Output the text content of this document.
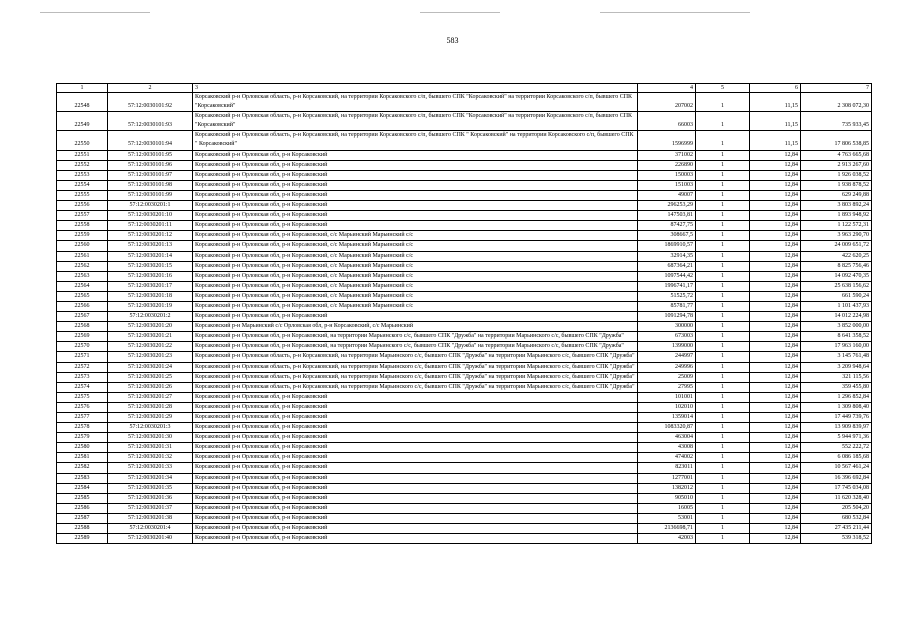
583
1	2	3	4	5	6	7
22548	57:12:0030101:92	Корсаковский р-н Орловская область, р-н Корсаковский, на территории Корсаковского с/п, бывшего СПК "Корсаковский" на территории Корсаковского с/п, бывшего СПК "Корсаковский"	207002	1	11,15	2 308 072,30
22549	57:12:0030101:93	Корсаковский р-н Орловская область, р-н Корсаковский, на территории Корсаковского с/п, бывшего СПК "Корсаковский" на территории Корсаковского с/п, бывшего СПК "Корсаковский"	66003	1	11,15	735 933,45
22550	57:12:0030101:94	Корсаковский р-н Орловская область, р-н Корсаковский, на территории Корсаковского с/п, бывшего СПК " Корсаковский" на территории Корсаковского с/п, бывшего СПК " Корсаковский"	1596999	1	11,15	17 806 538,85
22551	57:12:0030101:95	Корсаковский р-н Орловская обл, р-н Корсаковский	371002	1	12,84	4 763 665,68
22552	57:12:0030101:96	Корсаковский р-н Орловская обл, р-н Корсаковский	226890	1	12,84	2 913 267,60
22553	57:12:0030101:97	Корсаковский р-н Орловская обл, р-н Корсаковский	150003	1	12,84	1 926 038,52
22554	57:12:0030101:98	Корсаковский р-н Орловская обл, р-н Корсаковский	151003	1	12,84	1 938 878,52
22555	57:12:0030101:99	Корсаковский р-н Орловская обл, р-н Корсаковский	49007	1	12,84	629 249,88
22556	57:12:0030201:1	Корсаковский р-н Орловская обл, р-н Корсаковский	296253,29	1	12,84	3 803 892,24
22557	57:12:0030201:10	Корсаковский р-н Орловская обл, р-н Корсаковский	147503,81	1	12,84	1 893 948,92
22558	57:12:0030201:11	Корсаковский р-н Орловская обл, р-н Корсаковский	87427,75	1	12,84	1 122 572,31
22559	57:12:0030201:12	Корсаковский р-н Орловская обл, р-н Корсаковский, с/с Марьинский Марьинский с/с	308667,5	1	12,84	3 963 290,70
22560	57:12:0030201:13	Корсаковский р-н Орловская обл, р-н Корсаковский, с/с Марьинский Марьинский с/с	1869910,57	1	12,84	24 009 651,72
22561	57:12:0030201:14	Корсаковский р-н Орловская обл, р-н Корсаковский, с/с Марьинский Марьинский с/с	32914,35	1	12,84	422 620,25
22562	57:12:0030201:15	Корсаковский р-н Орловская обл, р-н Корсаковский, с/с Марьинский Марьинский с/с	687364,21	1	12,84	8 825 756,46
22563	57:12:0030201:16	Корсаковский р-н Орловская обл, р-н Корсаковский, с/с Марьинский Марьинский с/с	1097544,42	1	12,84	14 092 470,35
22564	57:12:0030201:17	Корсаковский р-н Орловская обл, р-н Корсаковский, с/с Марьинский Марьинский с/с	1996741,17	1	12,84	25 638 156,62
22565	57:12:0030201:18	Корсаковский р-н Орловская обл, р-н Корсаковский, с/с Марьинский Марьинский с/с	51525,72	1	12,84	661 590,24
22566	57:12:0030201:19	Корсаковский р-н Орловская обл, р-н Корсаковский, с/с Марьинский Марьинский с/с	85781,77	1	12,84	1 101 437,93
22567	57:12:0030201:2	Корсаковский р-н Орловская обл, р-н Корсаковский	1091294,78	1	12,84	14 012 224,98
22568	57:12:0030201:20	Корсаковский р-н Марьинский с/с Орловская обл, р-н Корсаковский, с/с Марьинский	300000	1	12,84	3 852 000,00
22569	57:12:0030201:21	Корсаковский р-н Орловская обл, р-н Корсаковский, на территории Марьинского с/с, бывшего СПК "Дружба" на территории Марьинского с/с, бывшего СПК "Дружба"	673003	1	12,84	8 641 358,52
22570	57:12:0030201:22	Корсаковский р-н Орловская обл, р-н Корсаковский, на территории Марьинского с/с, бывшего СПК "Дружба" на территории Марьинского с/с, бывшего СПК "Дружба"	1399000	1	12,84	17 963 160,00
22571	57:12:0030201:23	Корсаковский р-н Орловская область, р-н Корсаковский, на территории Марьинского с/с, бывшего СПК "Дружба" на территории Марьинского с/с, бывшего СПК "Дружба"	244997	1	12,84	3 145 761,48
22572	57:12:0030201:24	Корсаковский р-н Орловская область, р-н Корсаковский, на территории Марьинского с/с, бывшего СПК "Дружба" на территории Марьинского с/с, бывшего СПК "Дружба"	249996	1	12,84	3 209 948,64
22573	57:12:0030201:25	Корсаковский р-н Орловская область, р-н Корсаковский, на территории Марьинского с/с, бывшего СПК "Дружба" на территории Марьинского с/с, бывшего СПК "Дружба"	25009	1	12,84	321 115,56
22574	57:12:0030201:26	Корсаковский р-н Орловская область, р-н Корсаковский, на территории Марьинского с/с, бывшего СПК "Дружба" на территории Марьинского с/с, бывшего СПК "Дружба"	27995	1	12,84	359 455,80
22575	57:12:0030201:27	Корсаковский р-н Орловская обл, р-н Корсаковский	101001	1	12,84	1 296 852,84
22576	57:12:0030201:28	Корсаковский р-н Орловская обл, р-н Корсаковский	102010	1	12,84	1 309 808,40
22577	57:12:0030201:29	Корсаковский р-н Орловская обл, р-н Корсаковский	1359014	1	12,84	17 449 739,76
22578	57:12:0030201:3	Корсаковский р-н Орловская обл, р-н Корсаковский	1083320,87	1	12,84	13 909 839,97
22579	57:12:0030201:30	Корсаковский р-н Орловская обл, р-н Корсаковский	463004	1	12,84	5 944 971,36
22580	57:12:0030201:31	Корсаковский р-н Орловская обл, р-н Корсаковский	43008	1	12,84	552 222,72
22581	57:12:0030201:32	Корсаковский р-н Орловская обл, р-н Корсаковский	474002	1	12,84	6 086 185,68
22582	57:12:0030201:33	Корсаковский р-н Орловская обл, р-н Корсаковский	823011	1	12,84	10 567 461,24
22583	57:12:0030201:34	Корсаковский р-н Орловская обл, р-н Корсаковский	1277001	1	12,84	16 396 692,84
22584	57:12:0030201:35	Корсаковский р-н Орловская обл, р-н Корсаковский	1382012	1	12,84	17 745 034,08
22585	57:12:0030201:36	Корсаковский р-н Орловская обл, р-н Корсаковский	905010	1	12,84	11 620 328,40
22586	57:12:0030201:37	Корсаковский р-н Орловская обл, р-н Корсаковский	16005	1	12,84	205 504,20
22587	57:12:0030201:38	Корсаковский р-н Орловская обл, р-н Корсаковский	53001	1	12,84	680 532,84
22588	57:12:0030201:4	Корсаковский р-н Орловская обл, р-н Корсаковский	2136698,71	1	12,84	27 435 211,44
22589	57:12:0030201:40	Корсаковский р-н Орловская обл, р-н Корсаковский	42003	1	12,84	539 318,52
